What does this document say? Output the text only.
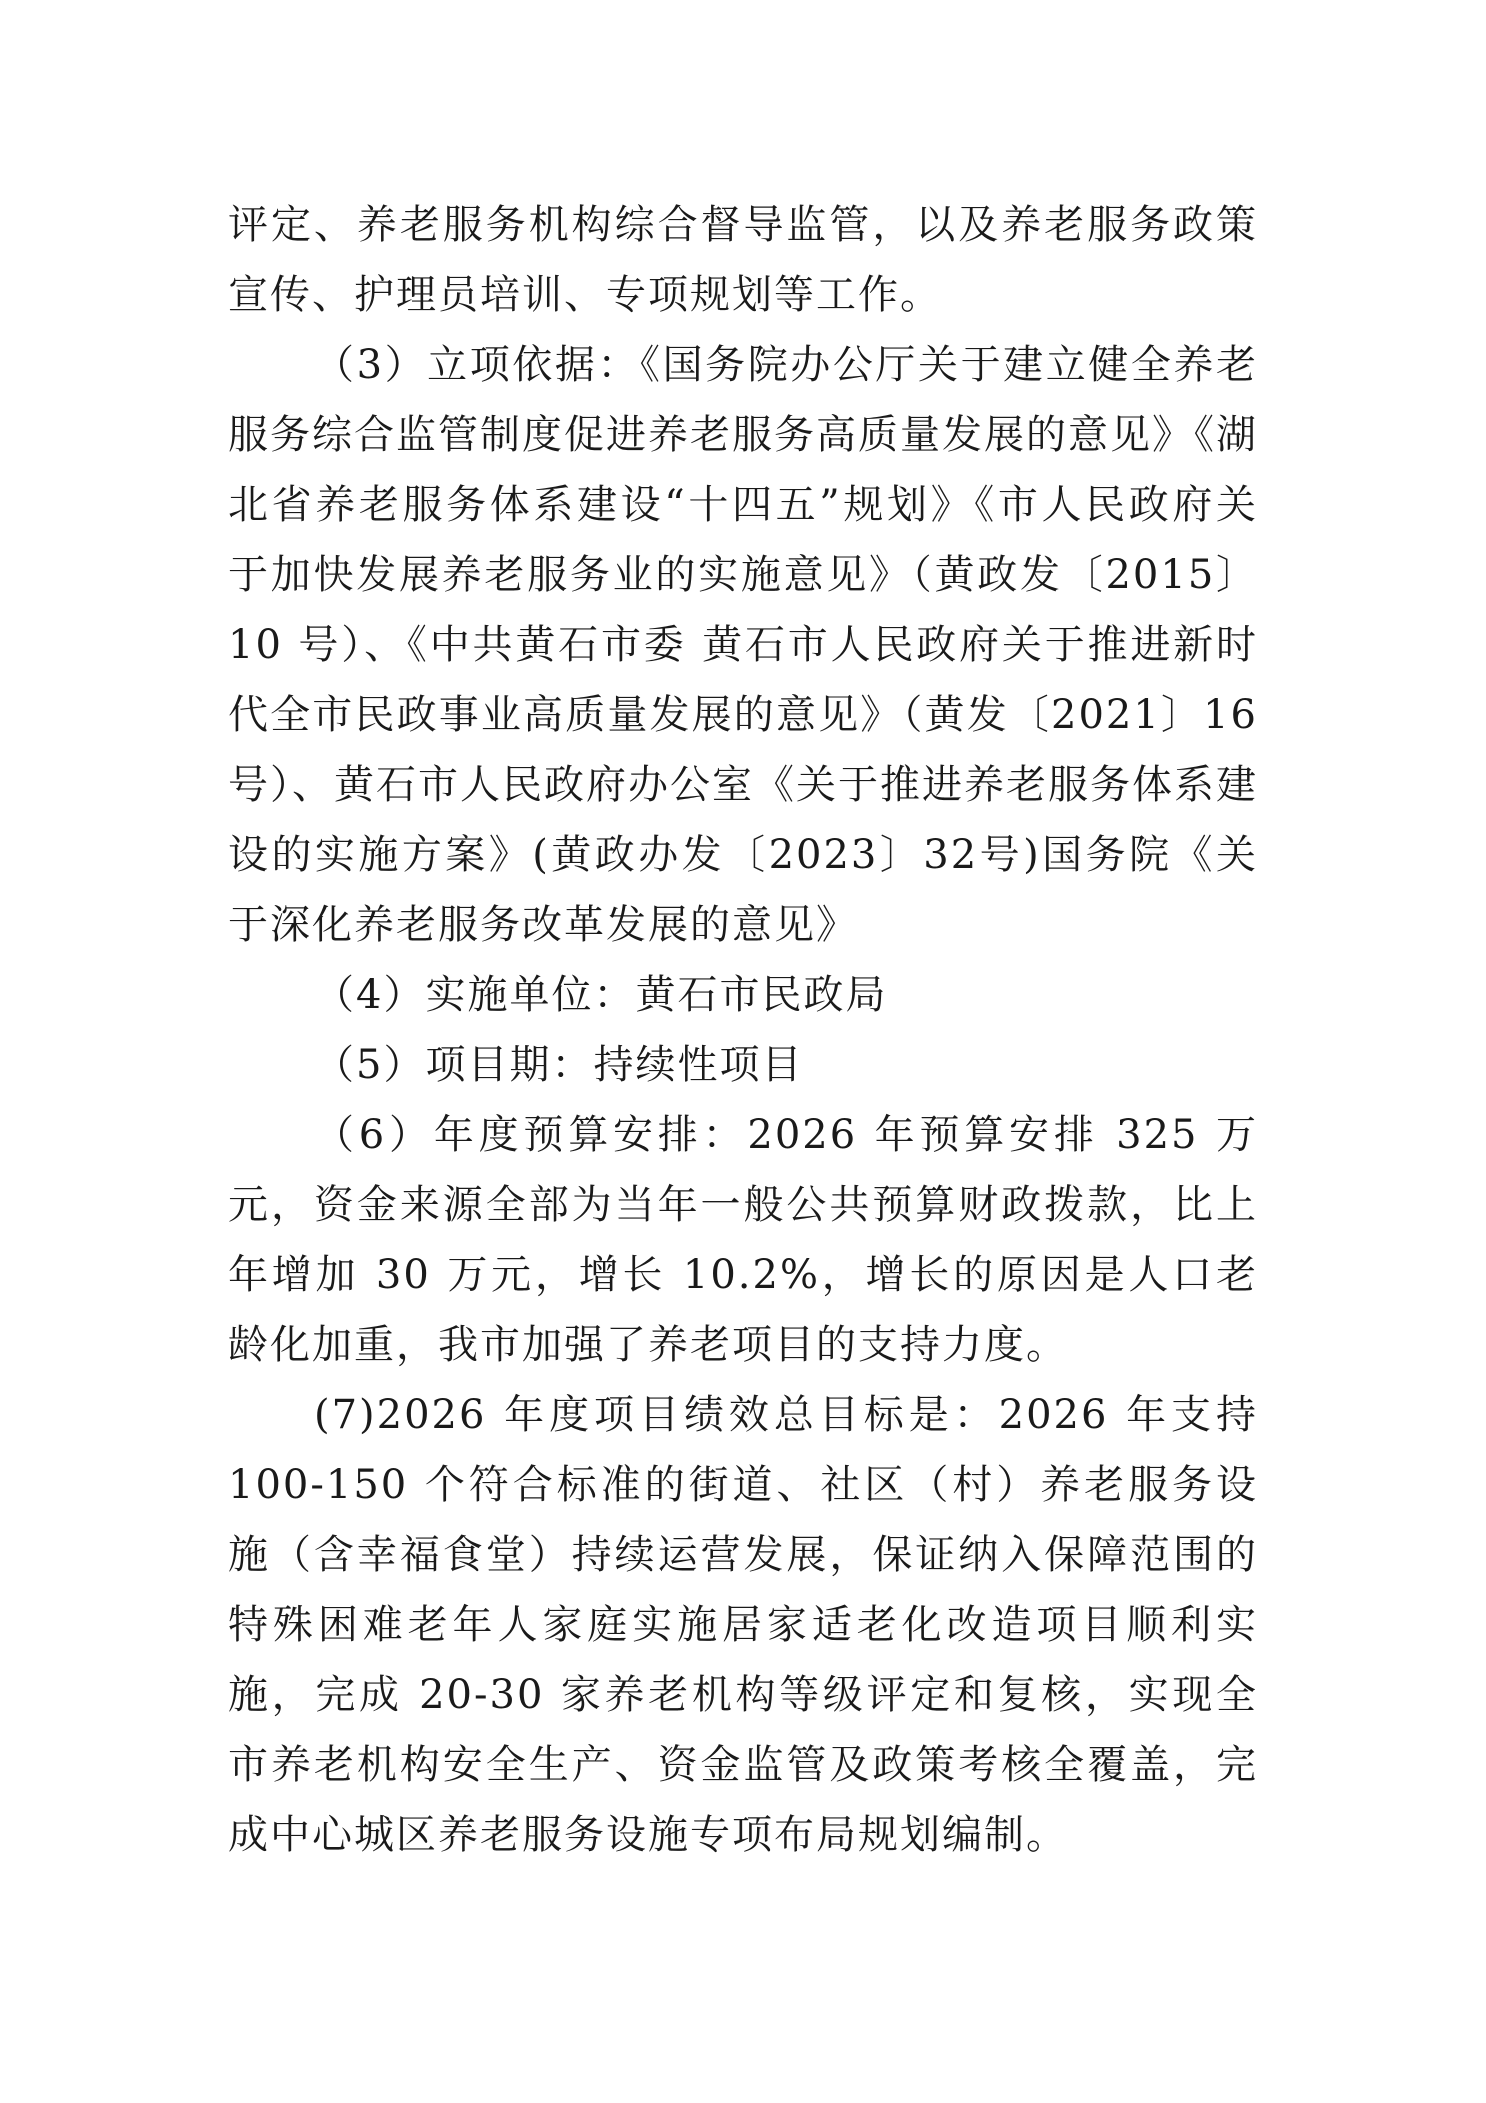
评定、养老服务机构综合督导监管，以及养老服务政策宣传、护理员培训、专项规划等工作。

（3）立项依据：《国务院办公厅关于建立健全养老服务综合监管制度促进养老服务高质量发展的意见》《湖北省养老服务体系建设“十四五”规划》《市人民政府关于加快发展养老服务业的实施意见》（黄政发〔2015〕10 号）、《中共黄石市委 黄石市人民政府关于推进新时代全市民政事业高质量发展的意见》（黄发〔2021〕16号）、黄石市人民政府办公室《关于推进养老服务体系建设的实施方案》(黄政办发〔2023〕32号)国务院《关于深化养老服务改革发展的意见》

（4）实施单位：黄石市民政局

（5）项目期：持续性项目

（6）年度预算安排：2026 年预算安排 325 万元，资金来源全部为当年一般公共预算财政拨款，比上年增加 30 万元，增长 10.2%，增长的原因是人口老龄化加重，我市加强了养老项目的支持力度。

(7)2026 年度项目绩效总目标是：2026 年支持 100-150 个符合标准的街道、社区（村）养老服务设施（含幸福食堂）持续运营发展，保证纳入保障范围的特殊困难老年人家庭实施居家适老化改造项目顺利实施，完成 20-30 家养老机构等级评定和复核，实现全市养老机构安全生产、资金监管及政策考核全覆盖，完成中心城区养老服务设施专项布局规划编制。
